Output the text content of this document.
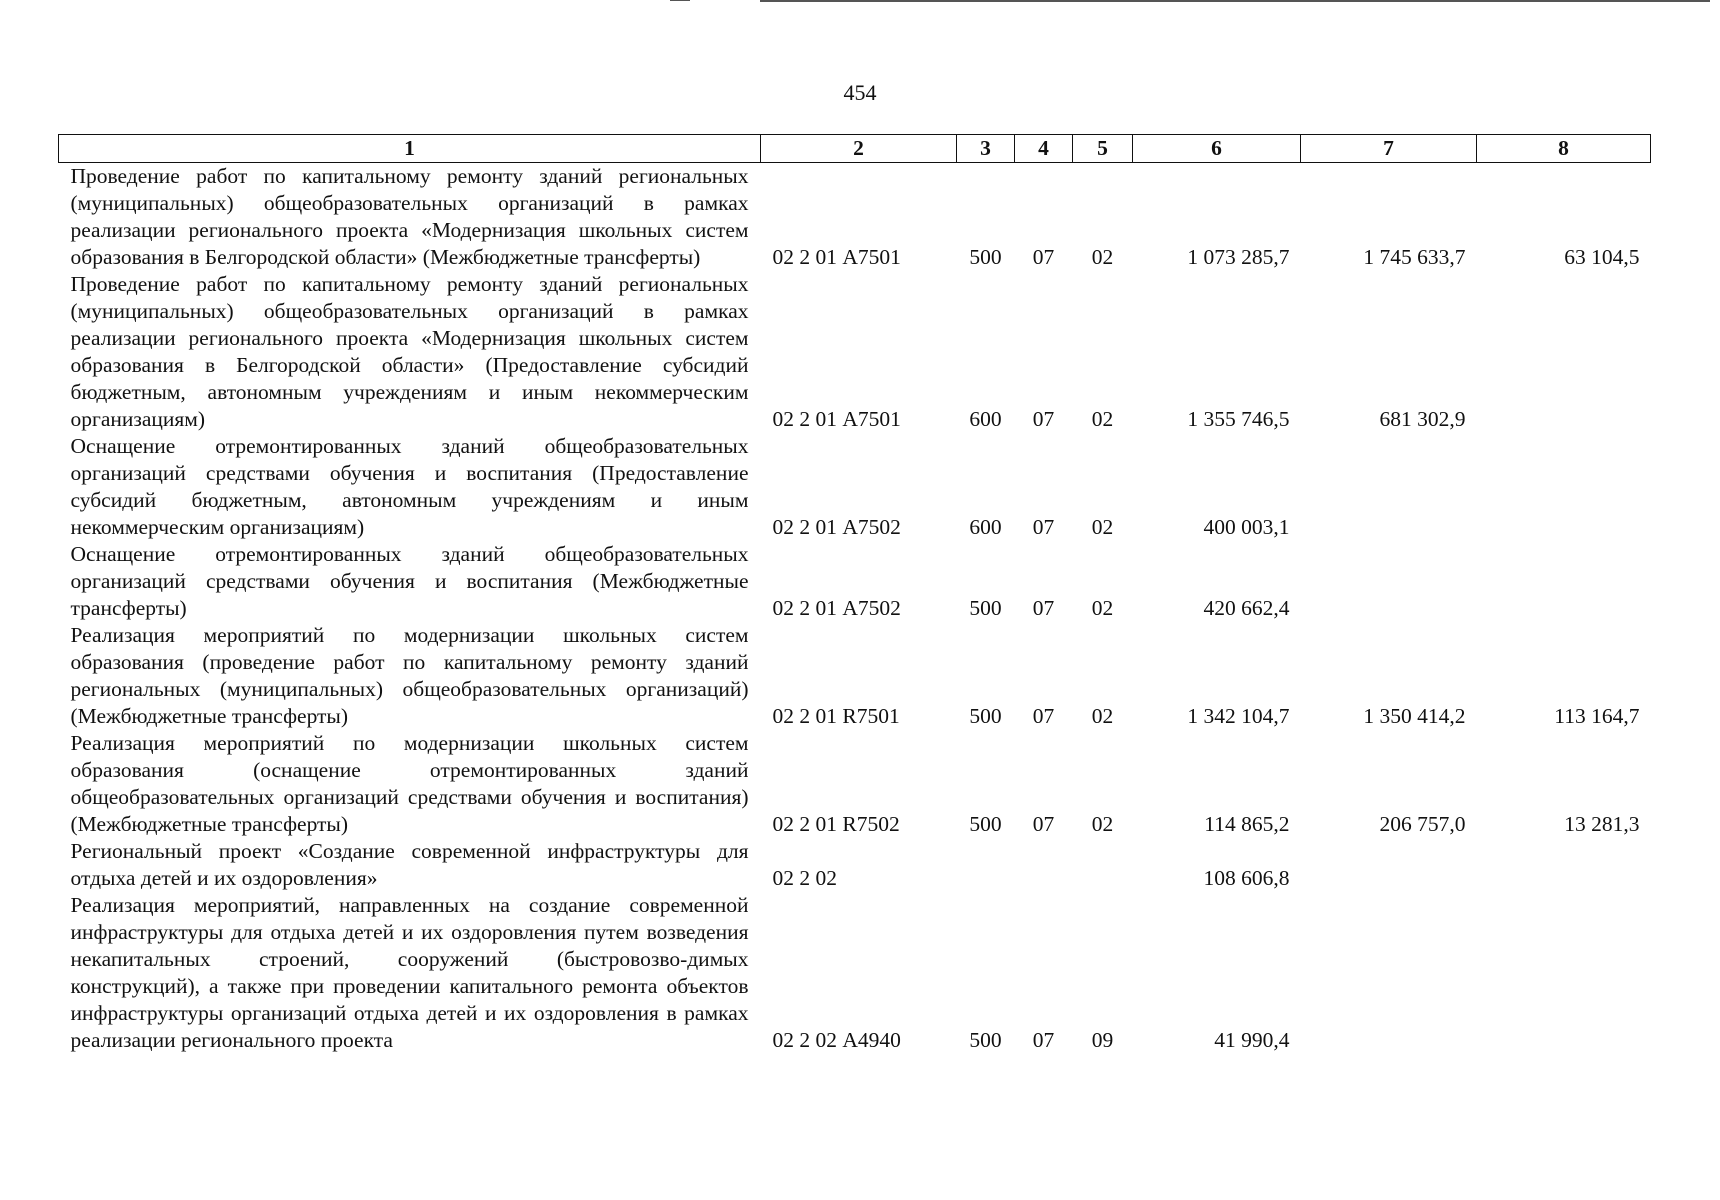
454
1	2	3	4	5	6	7	8
Проведение работ по капитальному ремонту зданий региональных (муниципальных) общеобразовательных организаций в рамках реализации регионального проекта «Модернизация школьных систем образования в Белгородской области» (Межбюджетные трансферты)	02 2 01 А7501	500	07	02	1 073 285,7	1 745 633,7	63 104,5
Проведение работ по капитальному ремонту зданий региональных (муниципальных) общеобразовательных организаций в рамках реализации регионального проекта «Модернизация школьных систем образования в Белгородской области» (Предоставление субсидий бюджетным, автономным учреждениям и иным некоммерческим организациям)	02 2 01 А7501	600	07	02	1 355 746,5	681 302,9	
Оснащение отремонтированных зданий общеобразовательных организаций средствами обучения и воспитания (Предоставление субсидий бюджетным, автономным учреждениям и иным некоммерческим организациям)	02 2 01 А7502	600	07	02	400 003,1		
Оснащение отремонтированных зданий общеобразовательных организаций средствами обучения и воспитания (Межбюджетные трансферты)	02 2 01 А7502	500	07	02	420 662,4		
Реализация мероприятий по модернизации школьных систем образования (проведение работ по капитальному ремонту зданий региональных (муниципальных) общеобразовательных организаций) (Межбюджетные трансферты)	02 2 01 R7501	500	07	02	1 342 104,7	1 350 414,2	113 164,7
Реализация мероприятий по модернизации школьных систем образования (оснащение отремонтированных зданий общеобразовательных организаций средствами обучения и воспитания) (Межбюджетные трансферты)	02 2 01 R7502	500	07	02	114 865,2	206 757,0	13 281,3
Региональный проект «Создание современной инфраструктуры для отдыха детей и их оздоровления»	02 2 02				108 606,8		
Реализация мероприятий, направленных на создание современной инфраструктуры для отдыха детей и их оздоровления путем возведения некапитальных строений, сооружений (быстровозво-димых конструкций), а также при проведении капитального ремонта объектов инфраструктуры организаций отдыха детей и их оздоровления в рамках реализации регионального проекта	02 2 02 А4940	500	07	09	41 990,4		
